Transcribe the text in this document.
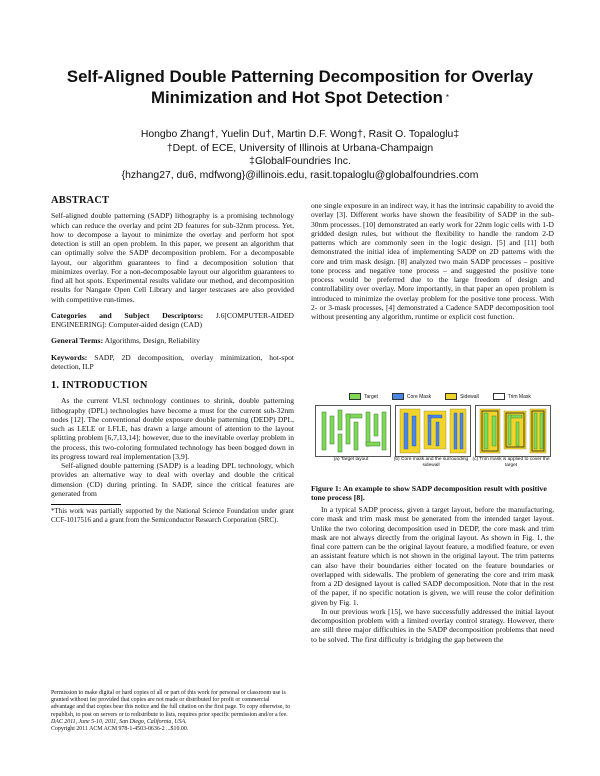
Self-Aligned Double Patterning Decomposition for Overlay
Minimization and Hot Spot Detection *
Hongbo Zhang†, Yuelin Du†, Martin D.F. Wong†, Rasit O. Topaloglu‡
†Dept. of ECE, University of Illinois at Urbana-Champaign
‡GlobalFoundries Inc.
{hzhang27, du6, mdfwong}@illinois.edu, rasit.topaloglu@globalfoundries.com
ABSTRACT

Self-aligned double patterning (SADP) lithography is a promising technology which can reduce the overlay and print 2D features for sub-32nm process. Yet, how to decompose a layout to minimize the overlay and perform hot spot detection is still an open problem. In this paper, we present an algorithm that can optimally solve the SADP decomposition problem. For a decomposable layout, our algorithm guarantees to find a decomposition solution that minimizes overlay. For a non-decomposable layout our algorithm guarantees to find all hot spots. Experimental results validate our method, and decomposition results for Nangate Open Cell Library and larger testcases are also provided with competitive run-times.

Categories and Subject Descriptors: J.6[COMPUTER-AIDED ENGINEERING]: Computer-aided design (CAD)

General Terms: Algorithms, Design, Reliability

Keywords: SADP, 2D decomposition, overlay minimization, hot-spot detection, ILP

1. INTRODUCTION

As the current VLSI technology continues to shrink, double patterning lithography (DPL) technologies have become a must for the current sub-32nm nodes [12]. The conventional double exposure double patterning (DEDP) DPL, such as LELE or LFLE, has drawn a large amount of attention to the layout splitting problem [6,7,13,14]; however, due to the inevitable overlay problem in the process, this two-coloring formulated technology has been bogged down in its progress toward real implementation [3,9].

Self-aligned double patterning (SADP) is a leading DPL technology, which provides an alternative way to deal with overlay and double the critical dimension (CD) during printing. In SADP, since the critical features are generated from

*This work was partially supported by the National Science Foundation under grant CCF-1017516 and a grant from the Semiconductor Research Corporation (SRC).

Permission to make digital or hard copies of all or part of this work for personal or classroom use is granted without fee provided that copies are not made or distributed for profit or commercial advantage and that copies bear this notice and the full citation on the first page. To copy otherwise, to republish, to post on servers or to redistribute to lists, requires prior specific permission and/or a fee.

DAC 2011, June 5-10, 2011, San Diego, California, USA.

Copyright 2011 ACM ACM 978-1-4503-0636-2 ...$10.00.

one single exposure in an indirect way, it has the intrinsic capability to avoid the overlay [3]. Different works have shown the feasibility of SADP in the sub-30nm processes. [10] demonstrated an early work for 22nm logic cells with 1-D gridded design rules, but without the flexibility to handle the random 2-D patterns which are commonly seen in the logic design. [5] and [11] both demonstrated the initial idea of implementing SADP on 2D patterns with the core and trim mask design. [8] analyzed two main SADP processes – positive tone process and negative tone process – and suggested the positive tone process would be preferred due to the large freedom of design and controllability over overlay. More importantly, in that paper an open problem is introduced to minimize the overlay problem for the positive tone process. With 2- or 3-mask processes, [4] demonstrated a Cadence SADP decomposition tool without presenting any algorithm, runtime or explicit cost function.

Target	Core Mask	Sidewall	Trim Mask
(a) Target layout	(b) Core mask and the surrounding sidewall
(c) Trim mask is applied to cover the target
Figure 1: An example to show SADP decomposition result with positive tone process [8].

In a typical SADP process, given a target layout, before the manufacturing, core mask and trim mask must be generated from the intended target layout. Unlike the two coloring decomposition used in DEDP, the core mask and trim mask are not always directly from the original layout. As shown in Fig. 1, the final core pattern can be the original layout feature, a modified feature, or even an assistant feature which is not shown in the original layout. The trim patterns can also have their boundaries either located on the feature boundaries or overlapped with sidewalls. The problem of generating the core and trim mask from a 2D designed layout is called SADP decomposition. Note that in the rest of the paper, if no specific notation is given, we will reuse the color definition given by Fig. 1.

In our previous work [15], we have successfully addressed the initial layout decomposition problem with a limited overlay control strategy. However, there are still three major difficulties in the SADP decomposition problems that need to be solved. The first difficulty is bridging the gap between the
